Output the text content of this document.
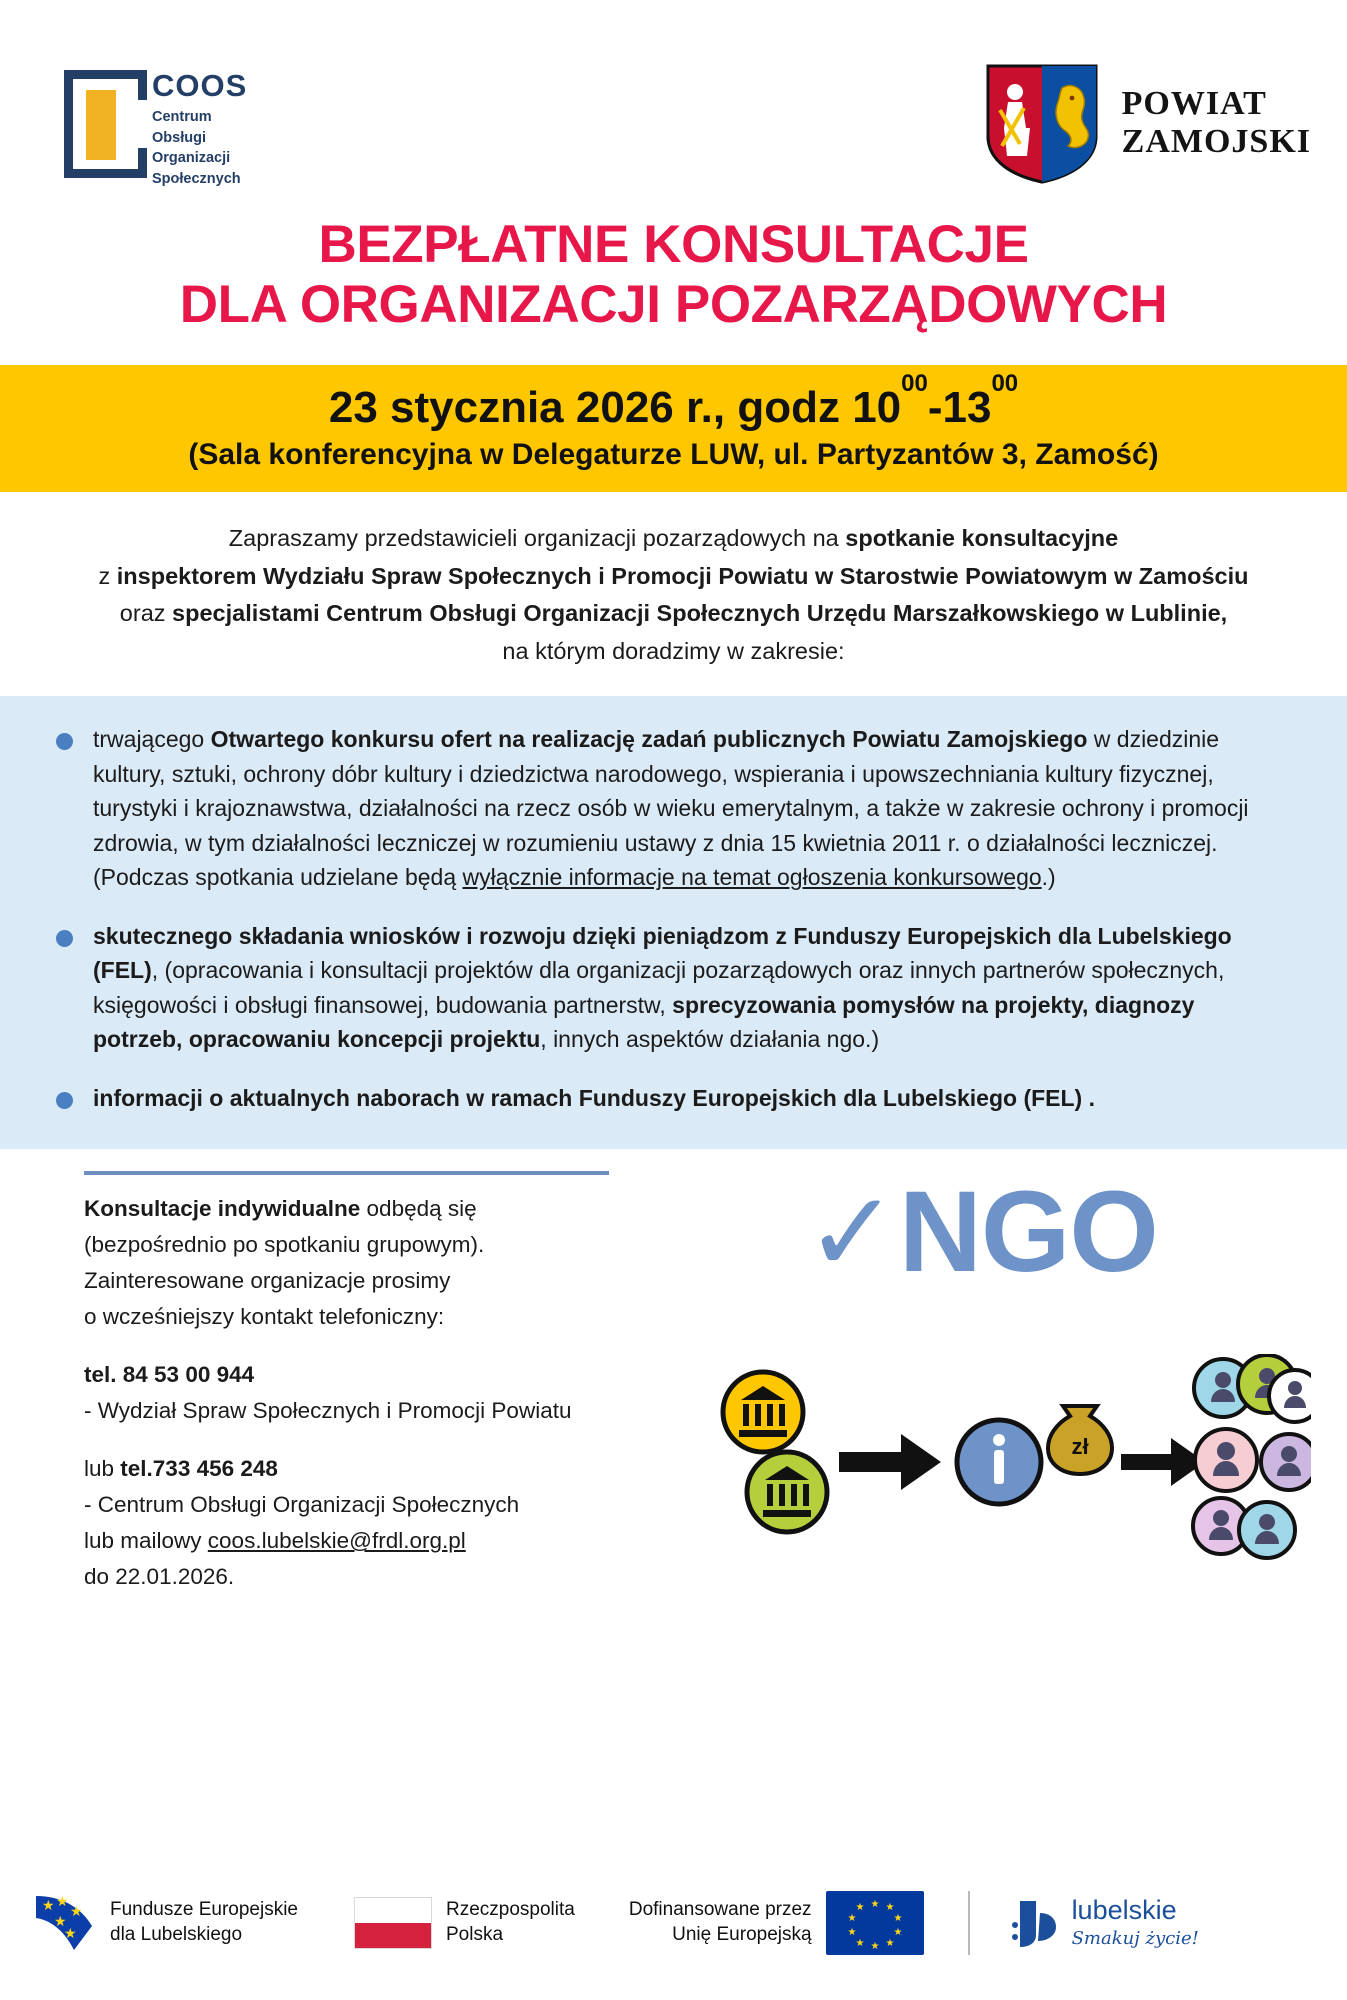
COOS
Centrum
Obsługi
Organizacji
Społecznych
POWIAT
ZAMOJSKI
BEZPŁATNE KONSULTACJE
DLA ORGANIZACJI POZARZĄDOWYCH
23 stycznia 2026 r., godz $10^{00}-13^{00}$
(Sala konferencyjna w Delegaturze LUW, ul. Partyzantów 3, Zamość)
Zapraszamy przedstawicieli organizacji pozarządowych na spotkanie konsultacyjne
z inspektorem Wydziału Spraw Społecznych i Promocji Powiatu w Starostwie Powiatowym w Zamościu
oraz specjalistami Centrum Obsługi Organizacji Społecznych Urzędu Marszałkowskiego w Lublinie,
na którym doradzimy w zakresie:
trwającego Otwartego konkursu ofert na realizację zadań publicznych Powiatu Zamojskiego w dziedzinie kultury, sztuki, ochrony dóbr kultury i dziedzictwa narodowego, wspierania i upowszechniania kultury fizycznej, turystyki i krajoznawstwa, działalności na rzecz osób w wieku emerytalnym, a także w zakresie ochrony i promocji zdrowia, w tym działalności leczniczej w rozumieniu ustawy z dnia 15 kwietnia 2011 r. o działalności leczniczej. (Podczas spotkania udzielane będą wyłącznie informacje na temat ogłoszenia konkursowego.)
skutecznego składania wniosków i rozwoju dzięki pieniądzom z Funduszy Europejskich dla Lubelskiego (FEL), (opracowania i konsultacji projektów dla organizacji pozarządowych oraz innych partnerów społecznych, księgowości i obsługi finansowej, budowania partnerstw, sprecyzowania pomysłów na projekty, diagnozy potrzeb, opracowaniu koncepcji projektu, innych aspektów działania ngo.)
informacji o aktualnych naborach w ramach Funduszy Europejskich dla Lubelskiego (FEL) .
Konsultacje indywidualne odbędą się
(bezpośrednio po spotkaniu grupowym).
Zainteresowane organizacje prosimy
o wcześniejszy kontakt telefoniczny:
tel. 84 53 00 944
- Wydział Spraw Społecznych i Promocji Powiatu
lub tel.733 456 248
- Centrum Obsługi Organizacji Społecznych
lub mailowy coos.lubelskie@frdl.org.pl
do 22.01.2026.
✓NGO
zł
★ ★
★
★
★
Fundusze Europejskie
dla Lubelskiego
Rzeczpospolita
Polska
Dofinansowane przez
Unię Europejską
★
★ ★
★	★
★	★
★ ★
★
lubelskie
Smakuj życie!
